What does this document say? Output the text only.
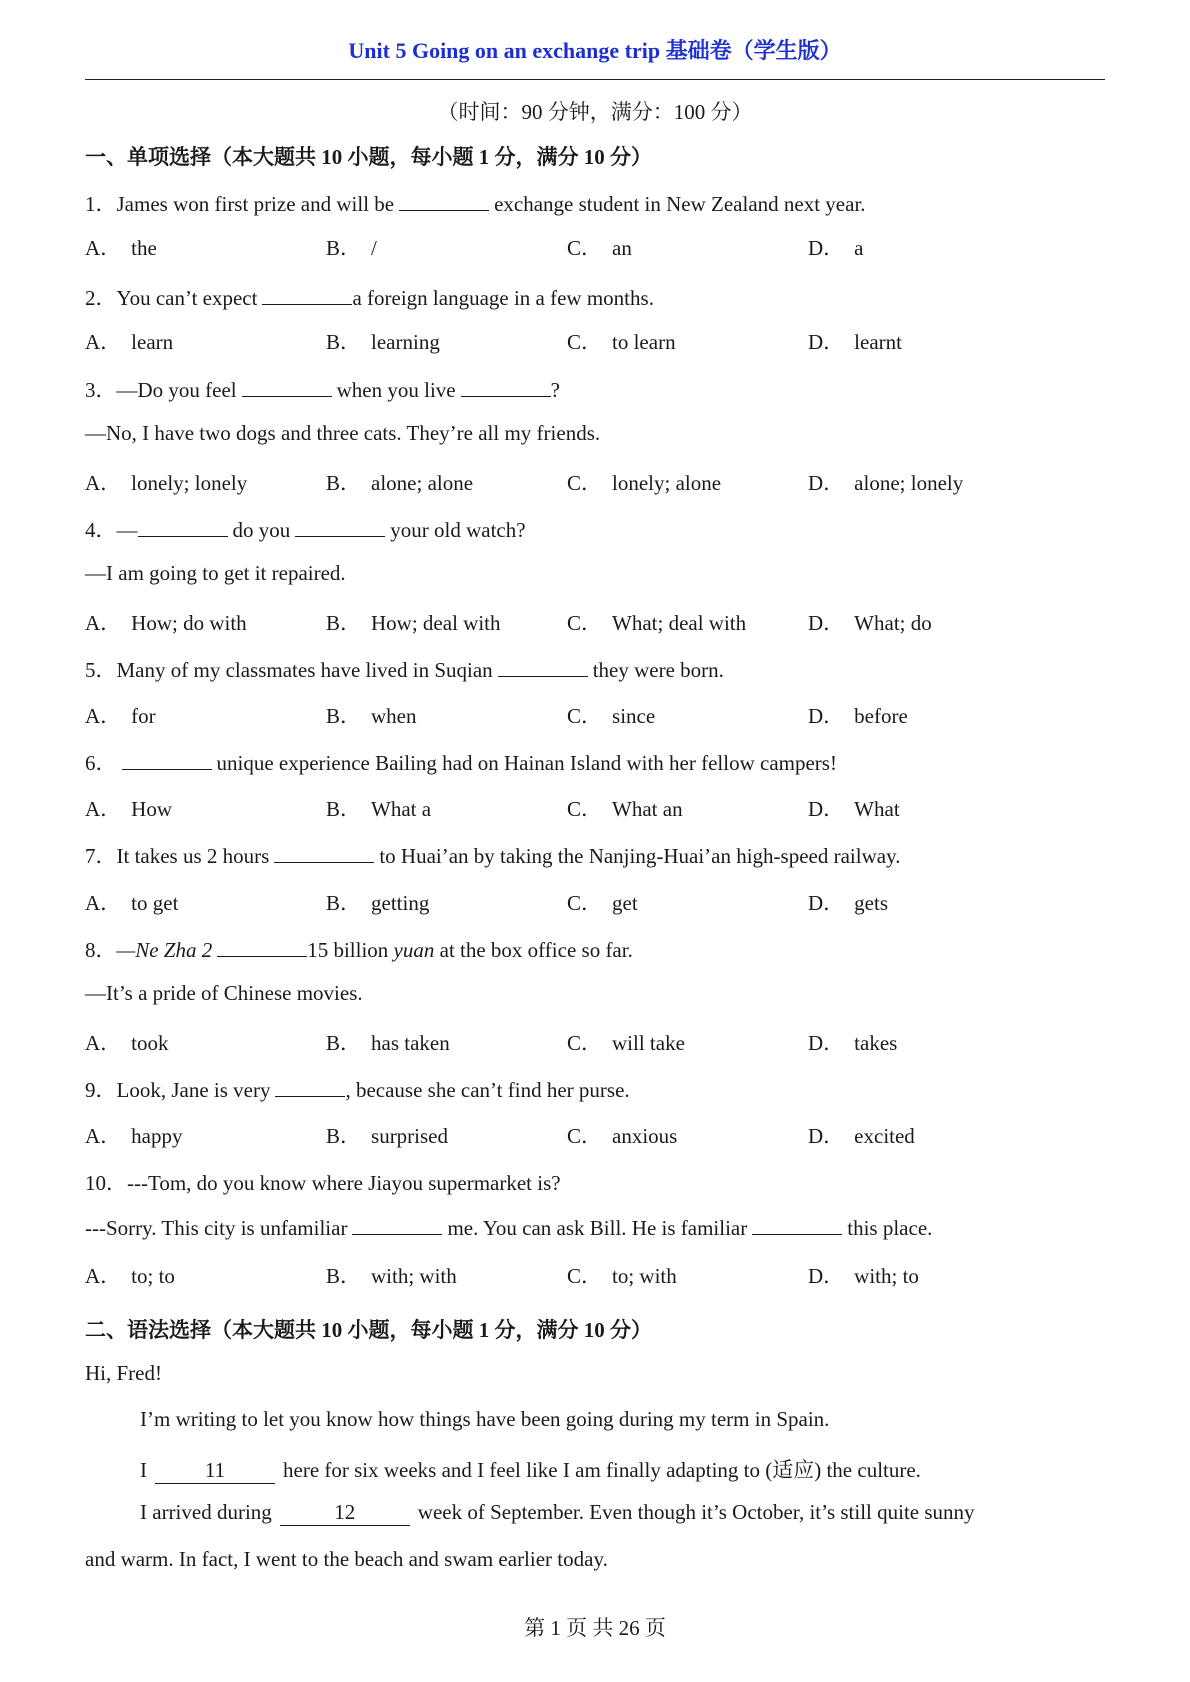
Unit 5 Going on an exchange trip 基础卷（学生版）
（时间：90 分钟，满分：100 分）
一、单项选择（本大题共 10 小题，每小题 1 分，满分 10 分）
1．James won first prize and will be	exchange student in New Zealand next year.
A． the	B． /	C． an	D． a
2．You can’t expect	a foreign language in a few months.
A． learn	B． learning	C． to learn	D． learnt
3．—Do you feel	when you live	?
—No, I have two dogs and three cats. They’re all my friends.
A． lonely; lonely	B． alone; alone	C． lonely; alone	D． alone; lonely
4．—	do you	your old watch?
—I am going to get it repaired.
A． How; do with	B． How; deal with	C． What; deal with	D． What; do
5．Many of my classmates have lived in Suqian	they were born.
A． for	B． when	C． since	D． before
6．	unique experience Bailing had on Hainan Island with her fellow campers!
A． How	B． What a	C． What an	D． What
7．It takes us 2 hours	to Huai’an by taking the Nanjing-Huai’an high-speed railway.
A． to get	B． getting	C． get	D． gets
8．—Ne Zha 2	15 billion yuan at the box office so far.
—It’s a pride of Chinese movies.
A． took	B． has taken	C． will take	D． takes
9．Look, Jane is very	, because she can’t find her purse.
A． happy	B． surprised	C． anxious	D． excited
10．---Tom, do you know where Jiayou supermarket is?
---Sorry. This city is unfamiliar	me. You can ask Bill. He is familiar	this place.
A． to; to	B． with; with	C． to; with	D． with; to
二、语法选择（本大题共 10 小题，每小题 1 分，满分 10 分）
Hi, Fred!
I’m writing to let you know how things have been going during my term in Spain.
I	11	here for six weeks and I feel like I am finally adapting to (适应) the culture.
I arrived during	12	week of September. Even though it’s October, it’s still quite sunny
and warm. In fact, I went to the beach and swam earlier today.
第 1 页 共 26 页
